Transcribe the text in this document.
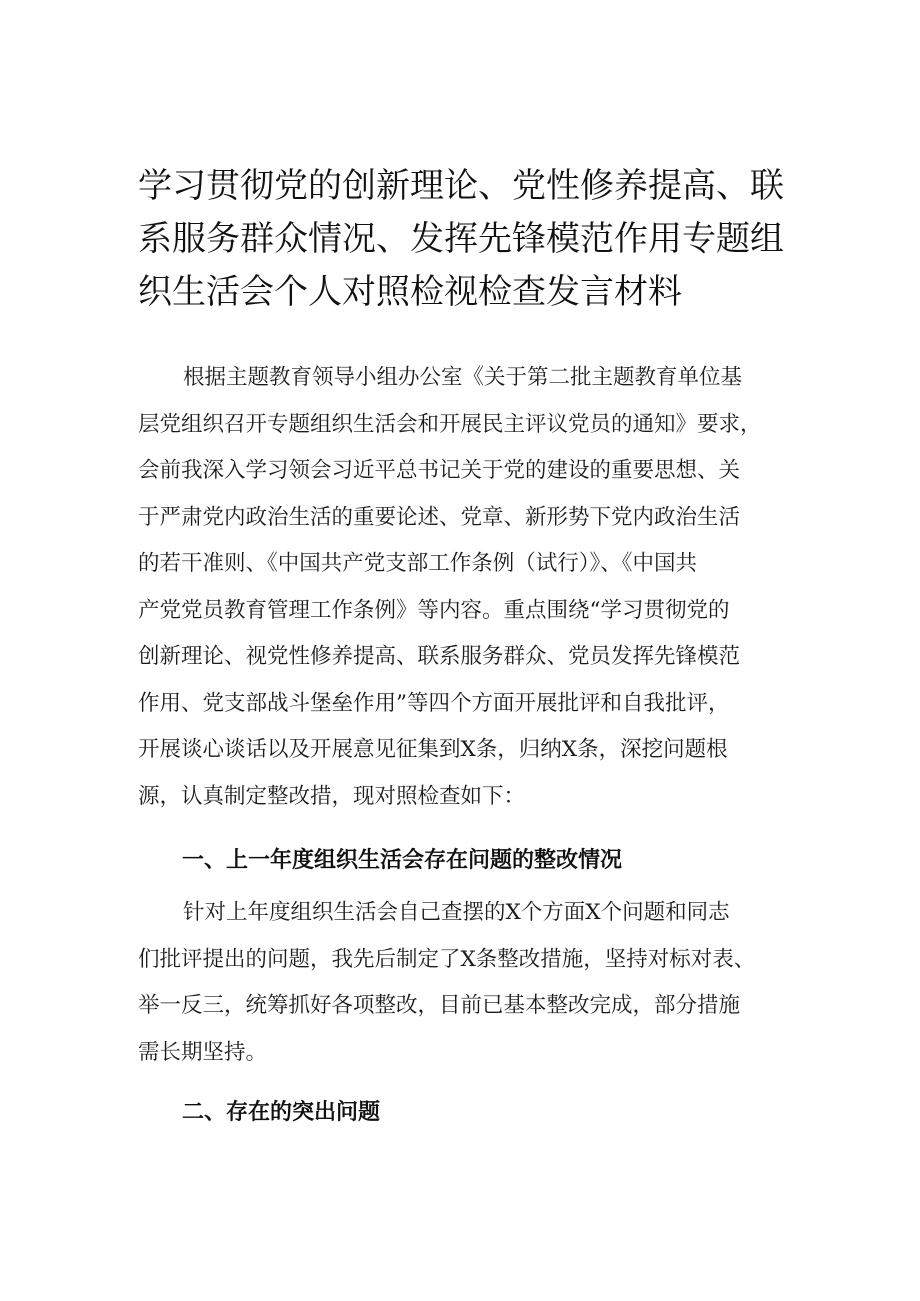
学习贯彻党的创新理论、党性修养提高、联
系服务群众情况、发挥先锋模范作用专题组
织生活会个人对照检视检查发言材料
根据主题教育领导小组办公室《关于第二批主题教育单位基
层党组织召开专题组织生活会和开展民主评议党员的通知》要求，
会前我深入学习领会习近平总书记关于党的建设的重要思想、关
于严肃党内政治生活的重要论述、党章、新形势下党内政治生活
的若干准则、《中国共产党支部工作条例（试行）》、《中国共
产党党员教育管理工作条例》等内容。重点围绕“学习贯彻党的
创新理论、视党性修养提高、联系服务群众、党员发挥先锋模范
作用、党支部战斗堡垒作用”等四个方面开展批评和自我批评，
开展谈心谈话以及开展意见征集到X条，归纳X条，深挖问题根
源，认真制定整改措，现对照检查如下：
一、上一年度组织生活会存在问题的整改情况
针对上年度组织生活会自己查摆的X个方面X个问题和同志
们批评提出的问题，我先后制定了X条整改措施，坚持对标对表、
举一反三，统筹抓好各项整改，目前已基本整改完成，部分措施
需长期坚持。
二、存在的突出问题
